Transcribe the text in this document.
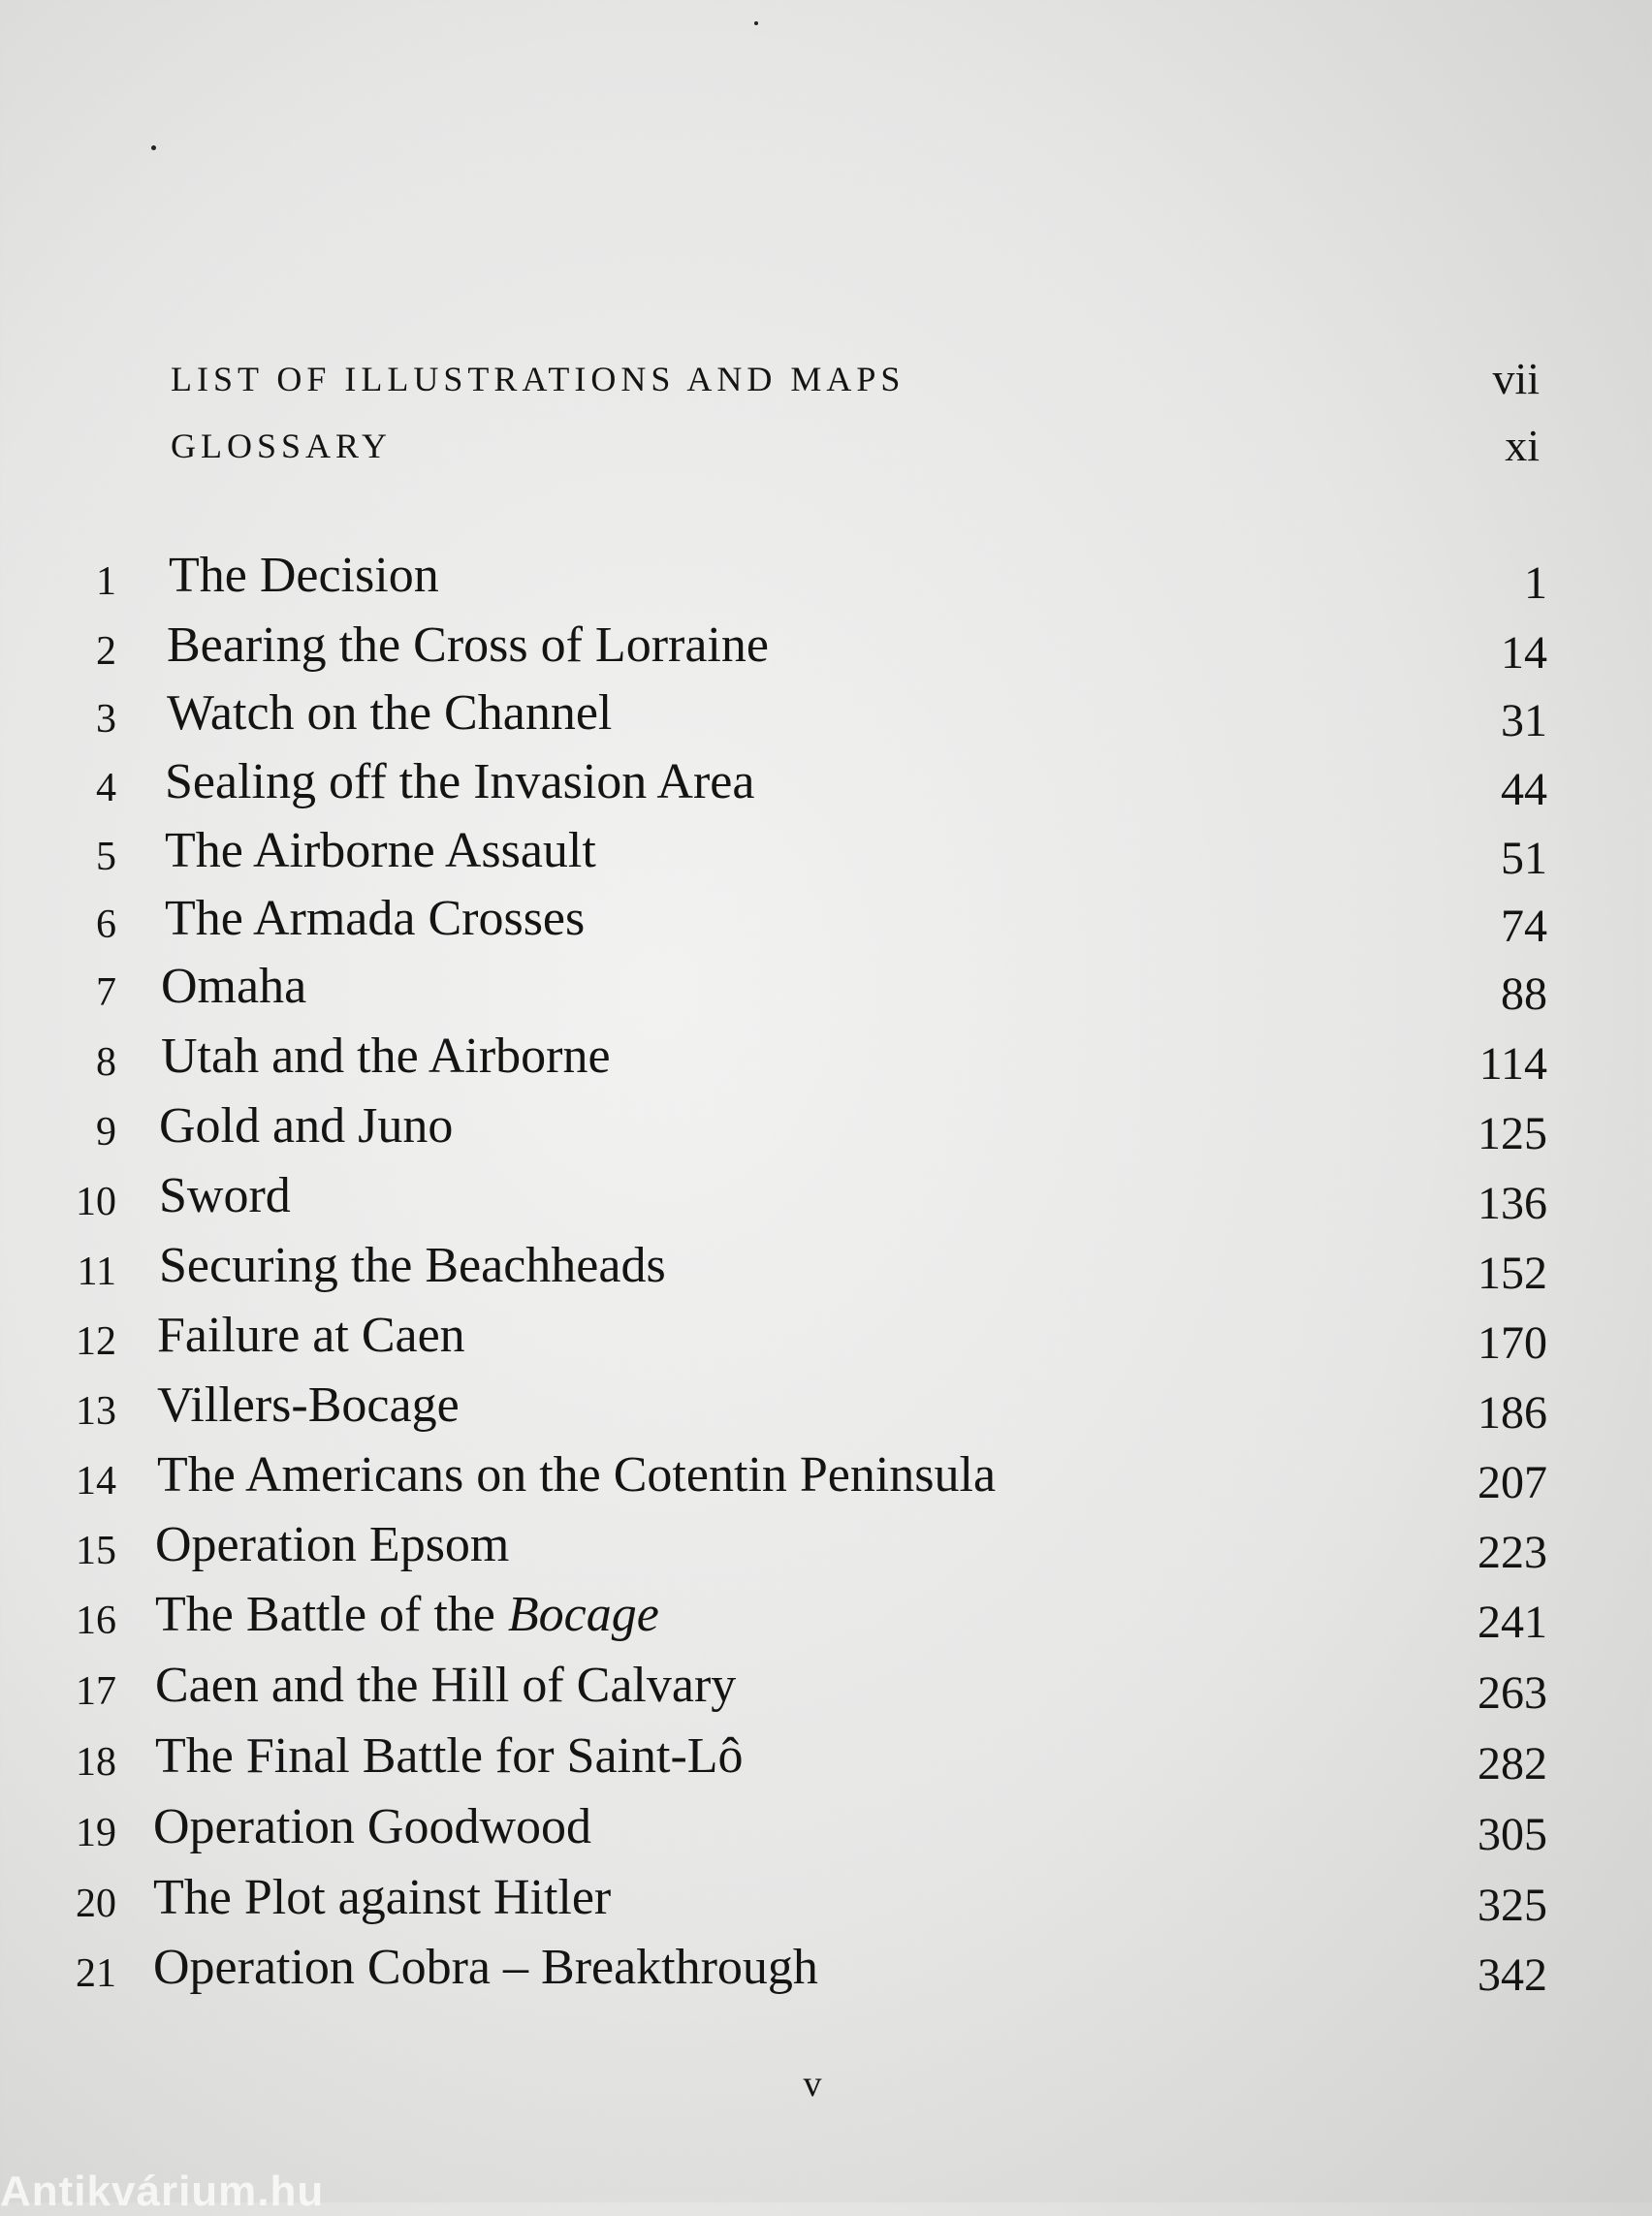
LIST OF ILLUSTRATIONS AND MAPS	vii
GLOSSARY	xi
1 The Decision	1
2 Bearing the Cross of Lorraine	14
3 Watch on the Channel	31
4 Sealing off the Invasion Area	44
5 The Airborne Assault	51
6 The Armada Crosses	74
7 Omaha	88
8 Utah and the Airborne	114
9 Gold and Juno	125
10 Sword	136
11 Securing the Beachheads	152
12 Failure at Caen	170
13 Villers-Bocage	186
14 The Americans on the Cotentin Peninsula	207
15 Operation Epsom	223
16 The Battle of the Bocage	241
17 Caen and the Hill of Calvary	263
18 The Final Battle for Saint-Lô	282
19 Operation Goodwood	305
20 The Plot against Hitler	325
21 Operation Cobra – Breakthrough	342
v
Antikvárium.hu
